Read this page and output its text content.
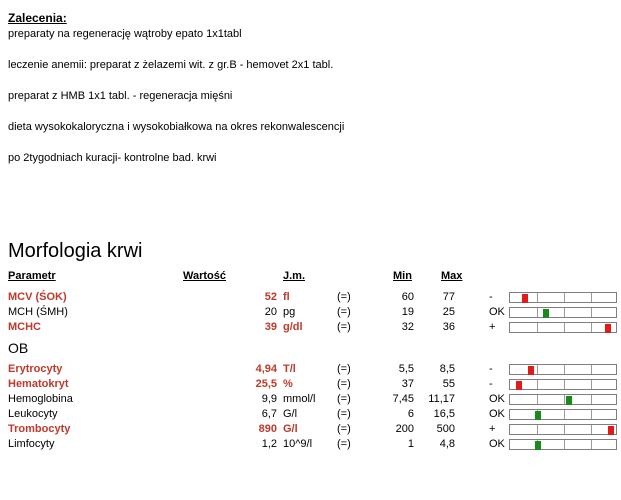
Zalecenia:
preparaty na regenerację wątroby epato 1x1tabl
leczenie anemii: preparat z żelazemi wit. z gr.B - hemovet 2x1 tabl.
preparat z HMB 1x1 tabl. - regeneracja mięśni
dieta wysokokaloryczna i wysokobiałkowa na okres rekonwalescencji
po 2tygodniach kuracji- kontrolne bad. krwi
Morfologia krwi
Parametr	Wartość	J.m.	Min	Max
OB
MCV (ŚOK)	52 fl	(=)	60	77	-
MCH (ŚMH)	20 pg	(=)	19	25	OK
MCHC	39 g/dl	(=)	32	36	+
Erytrocyty	4,94 T/l	(=)	5,5 8,5	-
Hematokryt	25,5 %	(=)	37	55	-
Hemoglobina	9,9 mmol/l (=)	7,45 11,17	OK
Leukocyty	6,7 G/l	(=)	6 16,5	OK
Trombocyty	890 G/l	(=)	200 500	+
Limfocyty	1,2 10^9/l (=)	1 4,8	OK
